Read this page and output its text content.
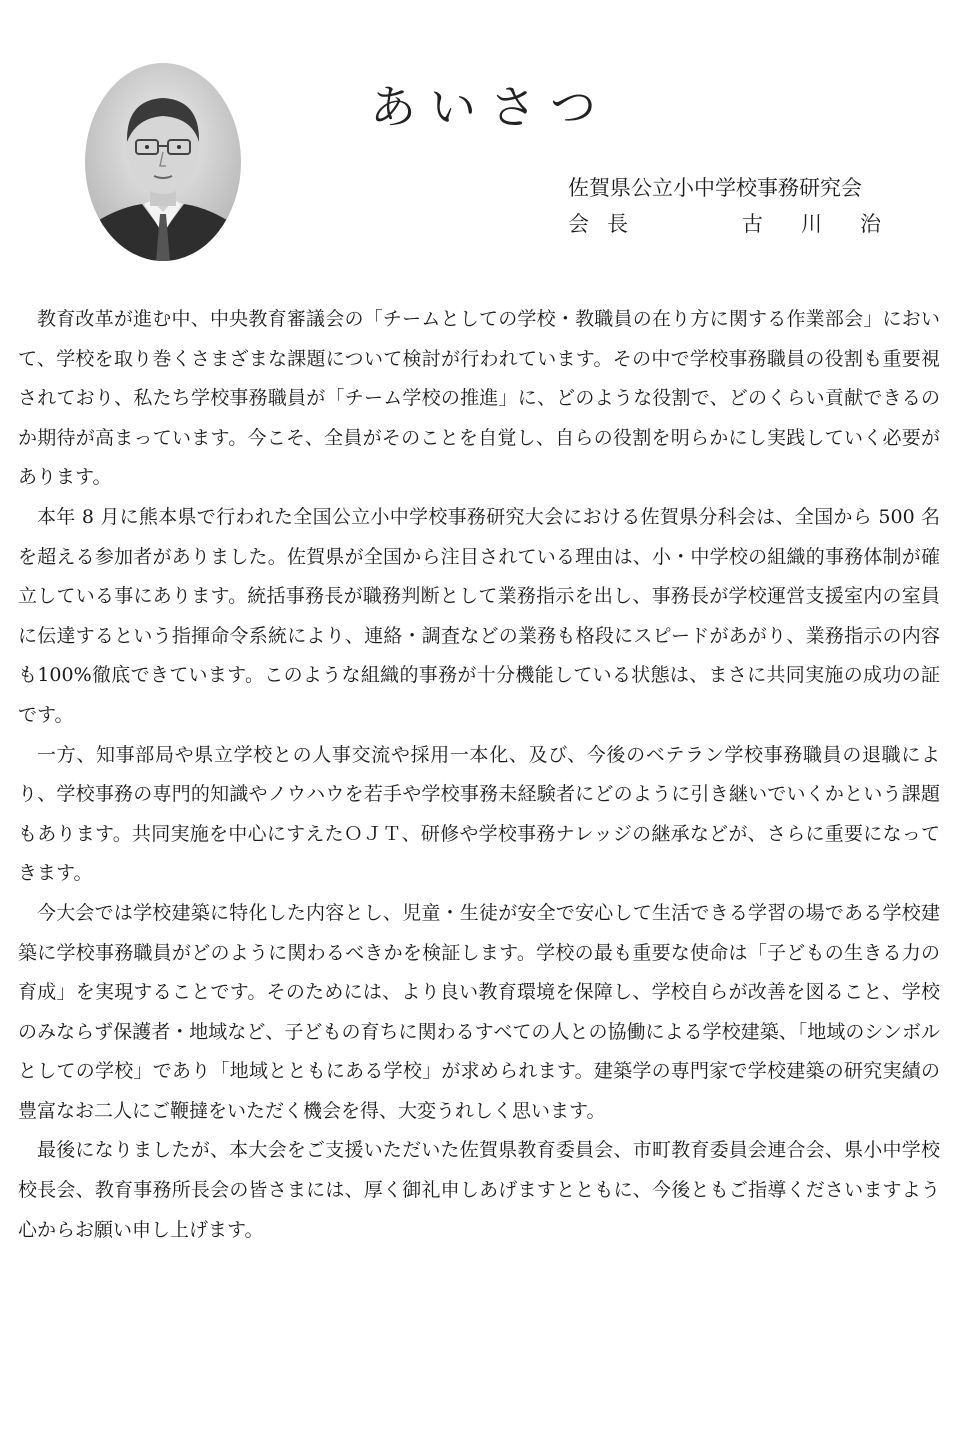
あいさつ
佐賀県公立小中学校事務研究会
会長	古川治

教育改革が進む中、中央教育審議会の「チームとしての学校・教職員の在り方に関する作業部会」において、学校を取り巻くさまざまな課題について検討が行われています。その中で学校事務職員の役割も重要視されており、私たち学校事務職員が「チーム学校の推進」に、どのような役割で、どのくらい貢献できるのか期待が高まっています。今こそ、全員がそのことを自覚し、自らの役割を明らかにし実践していく必要があります。

本年 8 月に熊本県で行われた全国公立小中学校事務研究大会における佐賀県分科会は、全国から 500 名を超える参加者がありました。佐賀県が全国から注目されている理由は、小・中学校の組織的事務体制が確立している事にあります。統括事務長が職務判断として業務指示を出し、事務長が学校運営支援室内の室員に伝達するという指揮命令系統により、連絡・調査などの業務も格段にスピードがあがり、業務指示の内容も100%徹底できています。このような組織的事務が十分機能している状態は、まさに共同実施の成功の証です。

一方、知事部局や県立学校との人事交流や採用一本化、及び、今後のベテラン学校事務職員の退職により、学校事務の専門的知識やノウハウを若手や学校事務未経験者にどのように引き継いでいくかという課題もあります。共同実施を中心にすえたＯＪＴ、研修や学校事務ナレッジの継承などが、さらに重要になってきます。

今大会では学校建築に特化した内容とし、児童・生徒が安全で安心して生活できる学習の場である学校建築に学校事務職員がどのように関わるべきかを検証します。学校の最も重要な使命は「子どもの生きる力の育成」を実現することです。そのためには、より良い教育環境を保障し、学校自らが改善を図ること、学校のみならず保護者・地域など、子どもの育ちに関わるすべての人との協働による学校建築、「地域のシンボルとしての学校」であり「地域とともにある学校」が求められます。建築学の専門家で学校建築の研究実績の豊富なお二人にご鞭撻をいただく機会を得、大変うれしく思います。

最後になりましたが、本大会をご支援いただいた佐賀県教育委員会、市町教育委員会連合会、県小中学校校長会、教育事務所長会の皆さまには、厚く御礼申しあげますとともに、今後ともご指導くださいますよう心からお願い申し上げます。
